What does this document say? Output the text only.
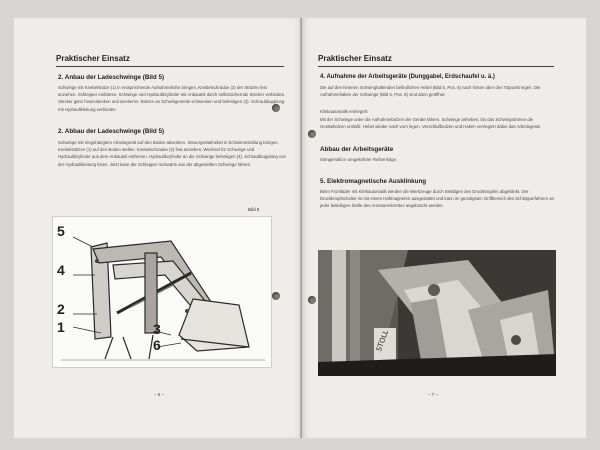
Praktischer Einsatz
2. Anbau der Ladeschwinge (Bild 5)
Schwinge mit Knebelstütze (1) in entsprechende Aufnahmehöhe bringen, Knebelschraube (2) der Stützen fest anziehen. Schlepper einfahren. Schwinge und Hydraulikzylinder mit Anbauteil durch selbstsichernde Stecker verbinden. Stecker ganz hineinstecken und arretieren. Bolzen an Schwingenteile schwenken und befestigen (3). Schraubkupplung mit Hydraulikleitung verbinden.
2. Abbau der Ladeschwinge (Bild 5)
Schwinge mit eingehängtem Arbeitsgerät auf den Boden absenken. Steuergerätehebel in Schwimmstellung bringen. Knebelstützen (1) auf den Boden stellen. Knebelschraube (2) fest anziehen. Wechsel für Schwinge und Hydraulikzylinder aus dem Anbauteil entfernen. Hydraulikzylinder an die Schwinge befestigen (4). Schraubkupplung von der Hydraulikleitung lösen. Jetzt kann der Schlepper rückwärts aus der abgestellten Schwinge fahren.
Bild 5
5
4
2
1	3
6
– 6 –
Praktischer Einsatz
4. Aufnahme der Arbeitsgeräte (Dunggabel, Erdschaufel u. ä.)
Die auf den hinteren Schwinghaltenden befindlichen Hebel (Bild 5, Pos. 5) nach hinten über den Totpunkt legen. Die Aufnahmehaken der Schwinge (Bild 5, Pos. 6) sind dann geöffnet.
Klinkautomatik entriegelt:
Mit der Schwinge unter die Aufnahmebolzen der Geräte fahren. Schwinge anheben, bis das Schwingrahmen die Gerätebolzen umfaßt. Hebel wieder nach vorn legen. Verschlußbolzen und Haken verriegeln dabei das Arbeitsgerät.
Abbau der Arbeitsgeräte
Sinngemäß in umgekehrter Reihenfolge.
5. Elektromagnetische Ausklinkung
Beim Frontlader mit Klinkautomatik werden die Werkzeuge durch Betätigen des Druckknopfes abgeklinkt. Der Druckknopfschalter ist mit einem Haftmagneten ausgestattet und kann im günstigsten Griffbereich des Schlepperfahrers an jeder beliebigen Stelle des Armaturenbrettes angebracht werden.
STOLL
– 7 –
